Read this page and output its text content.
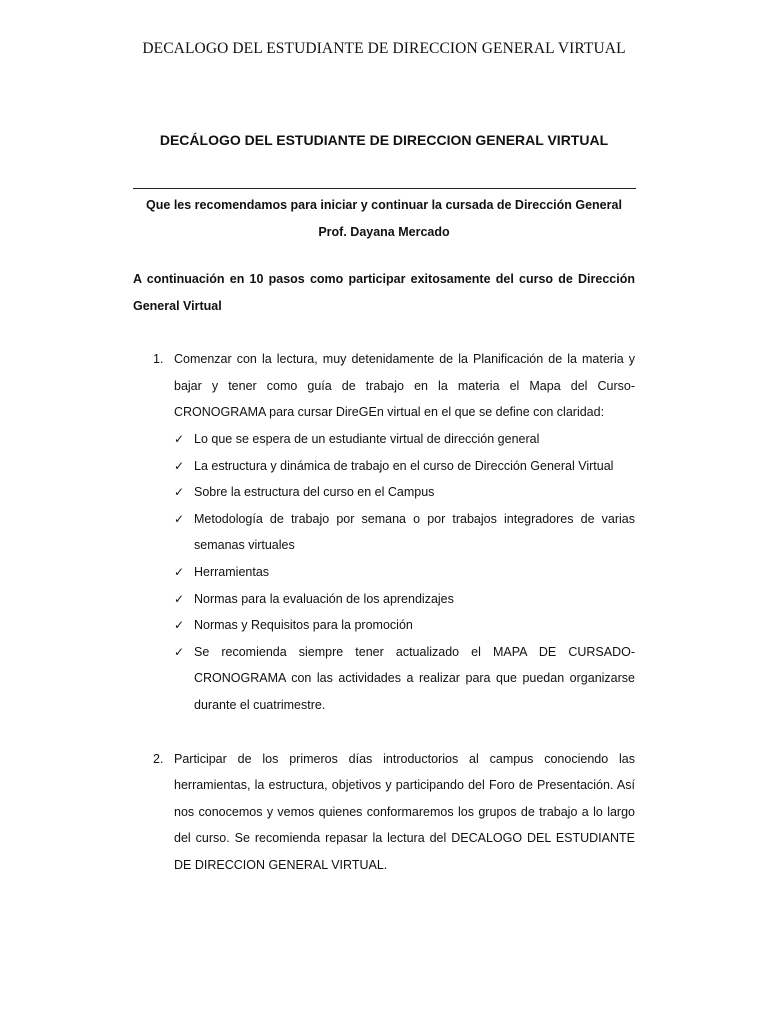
DECALOGO DEL ESTUDIANTE DE DIRECCION GENERAL VIRTUAL
DECÁLOGO DEL ESTUDIANTE DE DIRECCION GENERAL VIRTUAL
Que les recomendamos para iniciar y continuar la cursada de Dirección General
Prof. Dayana Mercado

A continuación en 10 pasos como participar exitosamente del curso de Dirección General Virtual

1. Comenzar con la lectura, muy detenidamente de la Planificación de la materia y bajar y tener como guía de trabajo en la materia el Mapa del Curso-CRONOGRAMA para cursar DireGEn virtual en el que se define con claridad:

✓ Lo que se espera de un estudiante virtual de dirección general
✓ La estructura y dinámica de trabajo en el curso de Dirección General Virtual
✓ Sobre la estructura del curso en el Campus
✓ Metodología de trabajo por semana o por trabajos integradores de varias semanas virtuales
✓ Herramientas
✓ Normas para la evaluación de los aprendizajes
✓ Normas y Requisitos para la promoción
✓ Se recomienda siempre tener actualizado el MAPA DE CURSADO-CRONOGRAMA con las actividades a realizar para que puedan organizarse durante el cuatrimestre.
2. Participar de los primeros días introductorios al campus conociendo las herramientas, la estructura, objetivos y participando del Foro de Presentación. Así nos conocemos y vemos quienes conformaremos los grupos de trabajo a lo largo del curso. Se recomienda repasar la lectura del DECALOGO DEL ESTUDIANTE DE DIRECCION GENERAL VIRTUAL.
